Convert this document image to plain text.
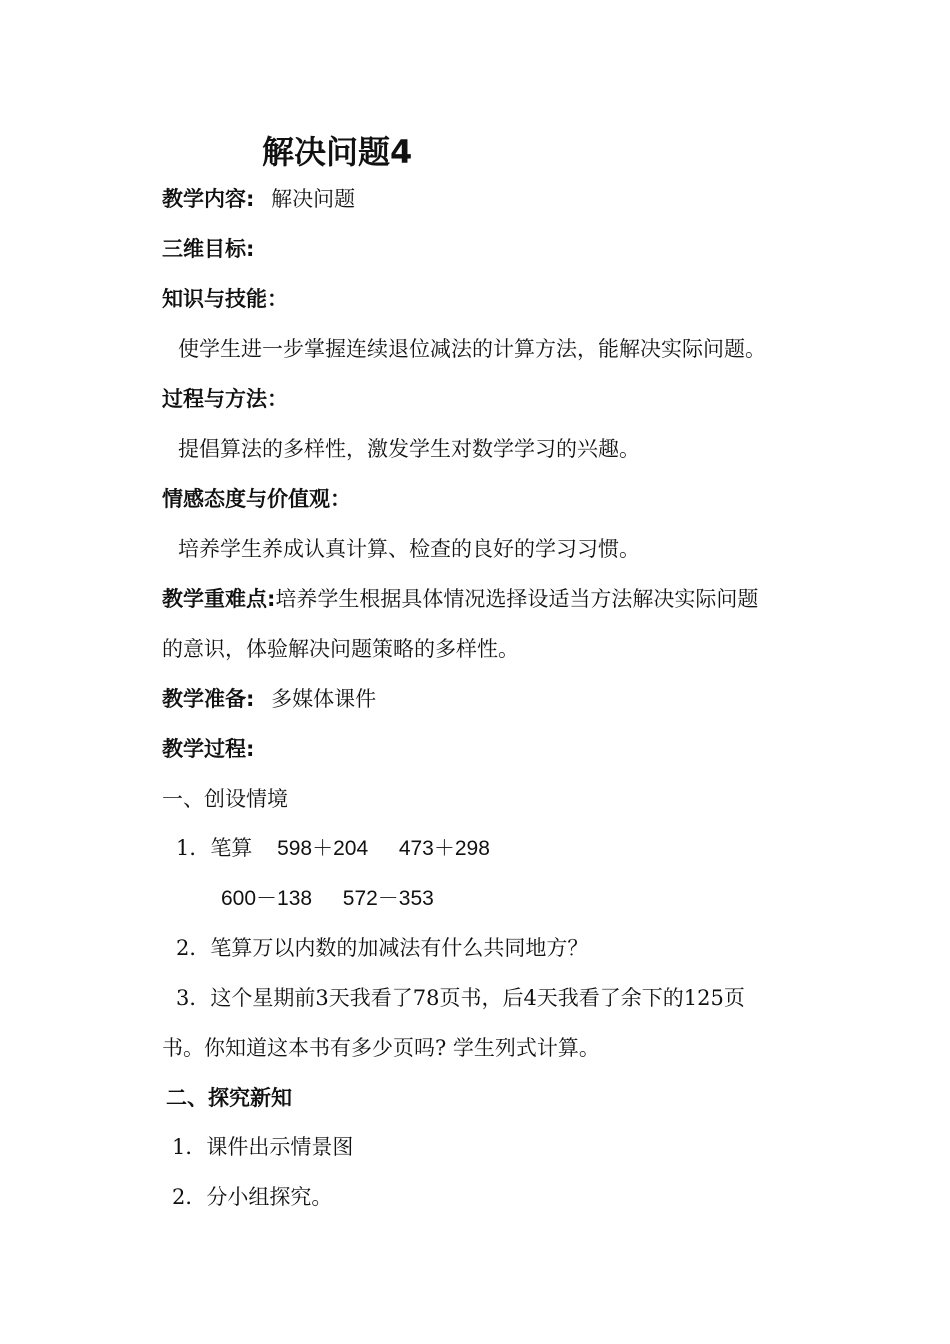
解决问题4
教学内容: 解决问题
三维目标:
知识与技能：
使学生进一步掌握连续退位减法的计算方法，能解决实际问题。
过程与方法：
提倡算法的多样性，激发学生对数学学习的兴趣。
情感态度与价值观：
培养学生养成认真计算、检查的良好的学习习惯。
教学重难点:培养学生根据具体情况选择设适当方法解决实际问题
的意识，体验解决问题策略的多样性。
教学准备: 多媒体课件
教学过程:
一、创设情境
1．笔算 598＋204 473＋298
600－138 572－353
2．笔算万以内数的加减法有什么共同地方？
3．这个星期前3天我看了78页书，后4天我看了余下的125页
书。你知道这本书有多少页吗? 学生列式计算。
二、探究新知
1．课件出示情景图
2．分小组探究。
